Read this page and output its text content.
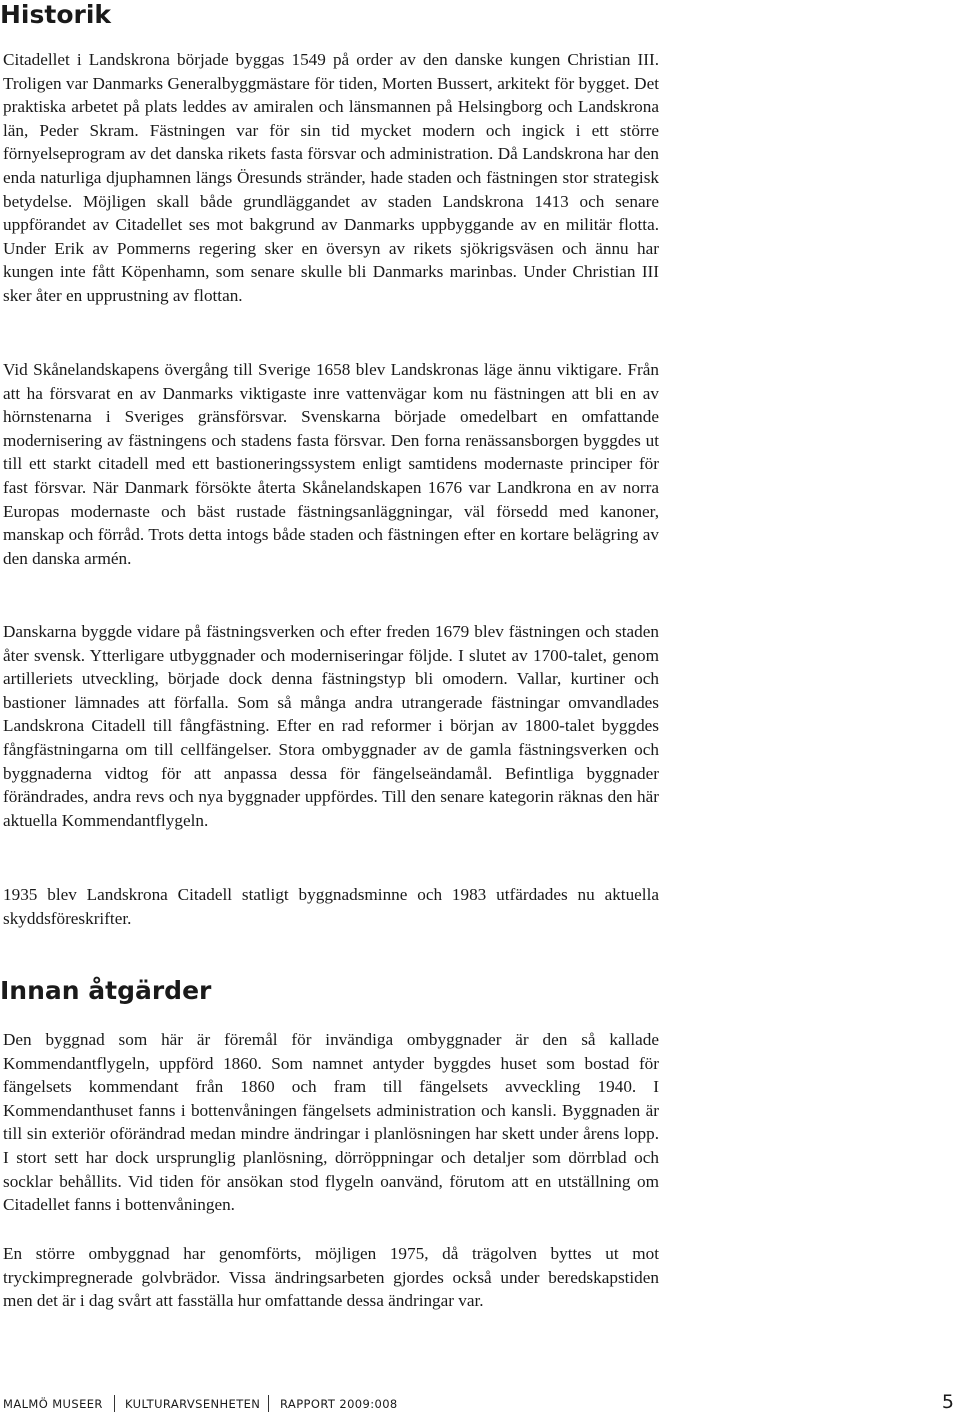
Historik

Citadellet i Landskrona började byggas 1549 på order av den danske kungen Christian III. Troligen var Danmarks Generalbyggmästare för tiden, Morten Bussert, arkitekt för bygget. Det praktiska arbetet på plats leddes av amiralen och länsmannen på Helsingborg och Landskrona län, Peder Skram. Fästningen var för sin tid mycket modern och ingick i ett större förnyelseprogram av det danska rikets fasta försvar och administration. Då Landskrona har den enda naturliga djuphamnen längs Öresunds stränder, hade staden och fästningen stor strategisk betydelse. Möjligen skall både grundläggandet av staden Landskrona 1413 och senare uppförandet av Citadellet ses mot bakgrund av Danmarks uppbyggande av en militär flotta. Under Erik av Pommerns regering sker en översyn av rikets sjökrigsväsen och ännu har kungen inte fått Köpenhamn, som senare skulle bli Danmarks marinbas. Under Christian III sker åter en upprustning av flottan.

Vid Skånelandskapens övergång till Sverige 1658 blev Landskronas läge ännu viktigare. Från att ha försvarat en av Danmarks viktigaste inre vattenvägar kom nu fästningen att bli en av hörnstenarna i Sveriges gränsförsvar. Svenskarna började omedelbart en omfattande modernisering av fästningens och stadens fasta försvar. Den forna renässansborgen byggdes ut till ett starkt citadell med ett bastioneringssystem enligt samtidens modernaste principer för fast försvar. När Danmark försökte återta Skånelandskapen 1676 var Landkrona en av norra Europas modernaste och bäst rustade fästningsanläggningar, väl försedd med kanoner, manskap och förråd. Trots detta intogs både staden och fästningen efter en kortare belägring av den danska armén.

Danskarna byggde vidare på fästningsverken och efter freden 1679 blev fästningen och staden åter svensk. Ytterligare utbyggnader och moderniseringar följde. I slutet av 1700-talet, genom artilleriets utveckling, började dock denna fästningstyp bli omodern. Vallar, kurtiner och bastioner lämnades att förfalla. Som så många andra utrangerade fästningar omvandlades Landskrona Citadell till fångfästning. Efter en rad reformer i början av 1800-talet byggdes fångfästningarna om till cellfängelser. Stora ombyggnader av de gamla fästningsverken och byggnaderna vidtog för att anpassa dessa för fängelseändamål. Befintliga byggnader förändrades, andra revs och nya byggnader uppfördes. Till den senare kategorin räknas den här aktuella Kommendantflygeln.

1935 blev Landskrona Citadell statligt byggnadsminne och 1983 utfärdades nu aktuella skyddsföreskrifter.

Innan åtgärder

Den byggnad som här är föremål för invändiga ombyggnader är den så kallade Kommendantflygeln, uppförd 1860. Som namnet antyder byggdes huset som bostad för fängelsets kommendant från 1860 och fram till fängelsets avveckling 1940. I Kommendanthuset fanns i bottenvåningen fängelsets administration och kansli. Byggnaden är till sin exteriör oförändrad medan mindre ändringar i planlösningen har skett under årens lopp. I stort sett har dock ursprunglig planlösning, dörröppningar och detaljer som dörrblad och socklar behållits. Vid tiden för ansökan stod flygeln oanvänd, förutom att en utställning om Citadellet fanns i bottenvåningen.

En större ombyggnad har genomförts, möjligen 1975, då trägolven byttes ut mot tryckimpregnerade golvbrädor. Vissa ändringsarbeten gjordes också under beredskapstiden men det är i dag svårt att fasställa hur omfattande dessa ändringar var.

MALMÖ MUSEER KULTURARVSENHETEN RAPPORT 2009:008	5
